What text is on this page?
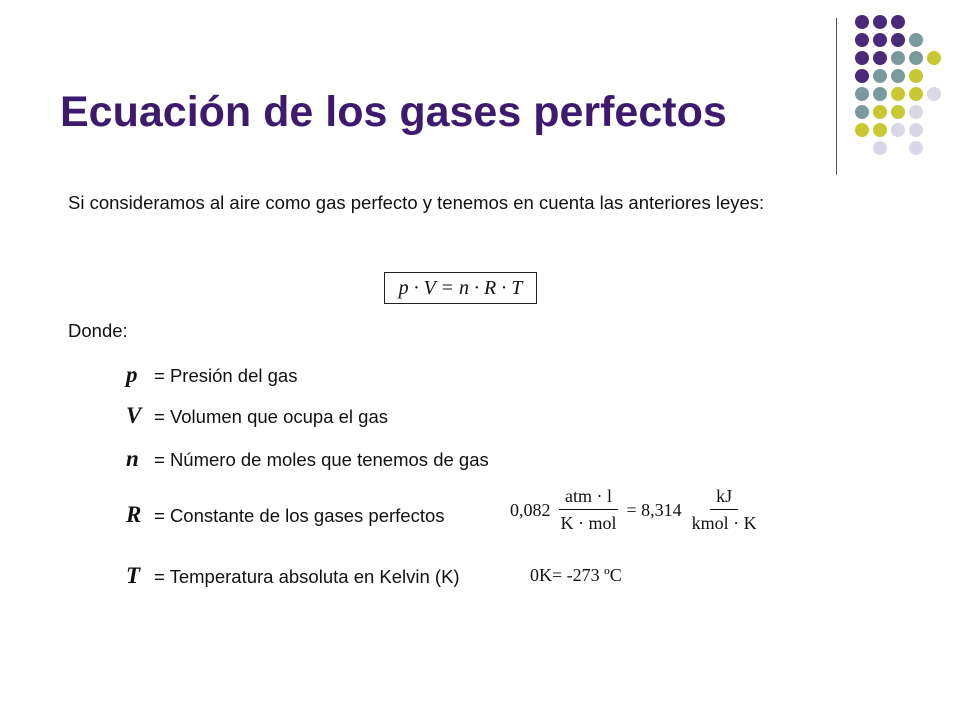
Ecuación de los gases perfectos
Si consideramos al aire como gas perfecto y tenemos en cuenta las anteriores leyes:
p · V = n · R · T
Donde:
p = Presión del gas
V = Volumen que ocupa el gas
n = Número de moles que tenemos de gas
R = Constante de los gases perfectos
T = Temperatura absoluta en Kelvin (K)
$0,082 \frac{\text{atm · l}}{\text{K · mol}} = 8,314 \frac{kJ}{\text{kmol · K}}$
0K= -273 ºC
